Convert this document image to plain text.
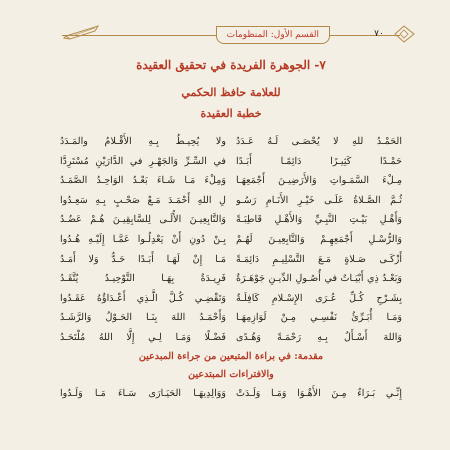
القسم الأول: المنظومات	٧٠
٧- الجوهرة الفريدة في تحقيق العقيدة
للعلامة حافظ الحكمي
خطبة العقيدة
الحَمْـدُ للهِ لا يُحْصَـى لَـهُ عَـدَدُ
ولا يُحِيـطُ بِـهِ الأَقْـلامُ والمَـدَدُ
حَمْـدًا كَثِيـرًا دَائِمًـا أَبَـدًا
في السِّـرِّ وَالجَهْـرِ في الدَّارَيْنِ مُسْتَرِدَّا
مِـلْءَ السَّمَـواتِ وَالأَرَضِيـنَ أَجْمَعِهَـا
وَمِلْءَ مَـا شَـاءَ بَعْـدُ الوَاحِـدُ الصَّمَـدُ
ثُـمَّ الصَّـلاةُ عَلَـى خَيْـرِ الأَنَـامِ رَسُـو
لِ اللهِ أَحْمَـدَ مَـعْ صَحْـبٍ بِـهِ سَعِـدُوا
وَأَهْـلِ بَيْـتِ النَّبِـيِّ وَالأَهْـلِ قَاطِبَـةً
وَالتَّابِعِيـنَ الأُلَـى لِلسَّابِقِيـنَ هُـمْ عَضُـدُ
وَالرُّسْـلِ أَجْمَعِهِـمْ وَالتَّابِعِيـنَ لَهُـمْ
بِـنْ دُونِ أَنْ يَعْدِلُـوا عَمَّـا إِلَيْـهِ هُـدُوا
أَزْكَـى صَـلاةٍ مَـعَ التَّسْلِيـمِ دَائِمَـةً
مَـا إِنْ لَهَـا أَبَـدًا حَـدٌّ وَلا أَمَـدُ
وَبَعْـدُ ذِي أَبْيَـاتٌ في أُصُـولِ الدِّيـنِ جَوْهَـرَةٌ
فَرِيـدَةٌ بِهَـا التَّوْحِيـدُ يُتَّقَـدُ
بِشَـرْحِ كُـلِّ عُـرَى الإِسْـلامِ كَافِلَـةٌ
وَتَقْضِـي كُـلَّ الَّـذِي أَعْـدَاؤُهُ عَقَـدُوا
وَمَـا أُبَـرِّئُ نَفْسِـي مِـنْ لَوَازِمِهَـا
وَأَحْمَـدُ اللهَ بِنَـا الحَـوْلُ وَالرَّشَـدُ
وَاللهَ أَسْـأَلُ بِـهِ رَحْمَـةً وَهُـدًى
فَضْـلًا وَمَـا لِـي إِلَّا اللهُ مُلْتَحَـدُ
مقدمة: في براءة المتبعين من جراءة المبدعين
والافتراءات المبتدعين
إِنِّـي بَـرَاءٌ مِـنَ الأَهْـوَا وَمَـا وَلَـدَتْ
وَوَالِدِيهَـا الحَيَـارَى سَـاءَ مَـا وَلَـدُوا
